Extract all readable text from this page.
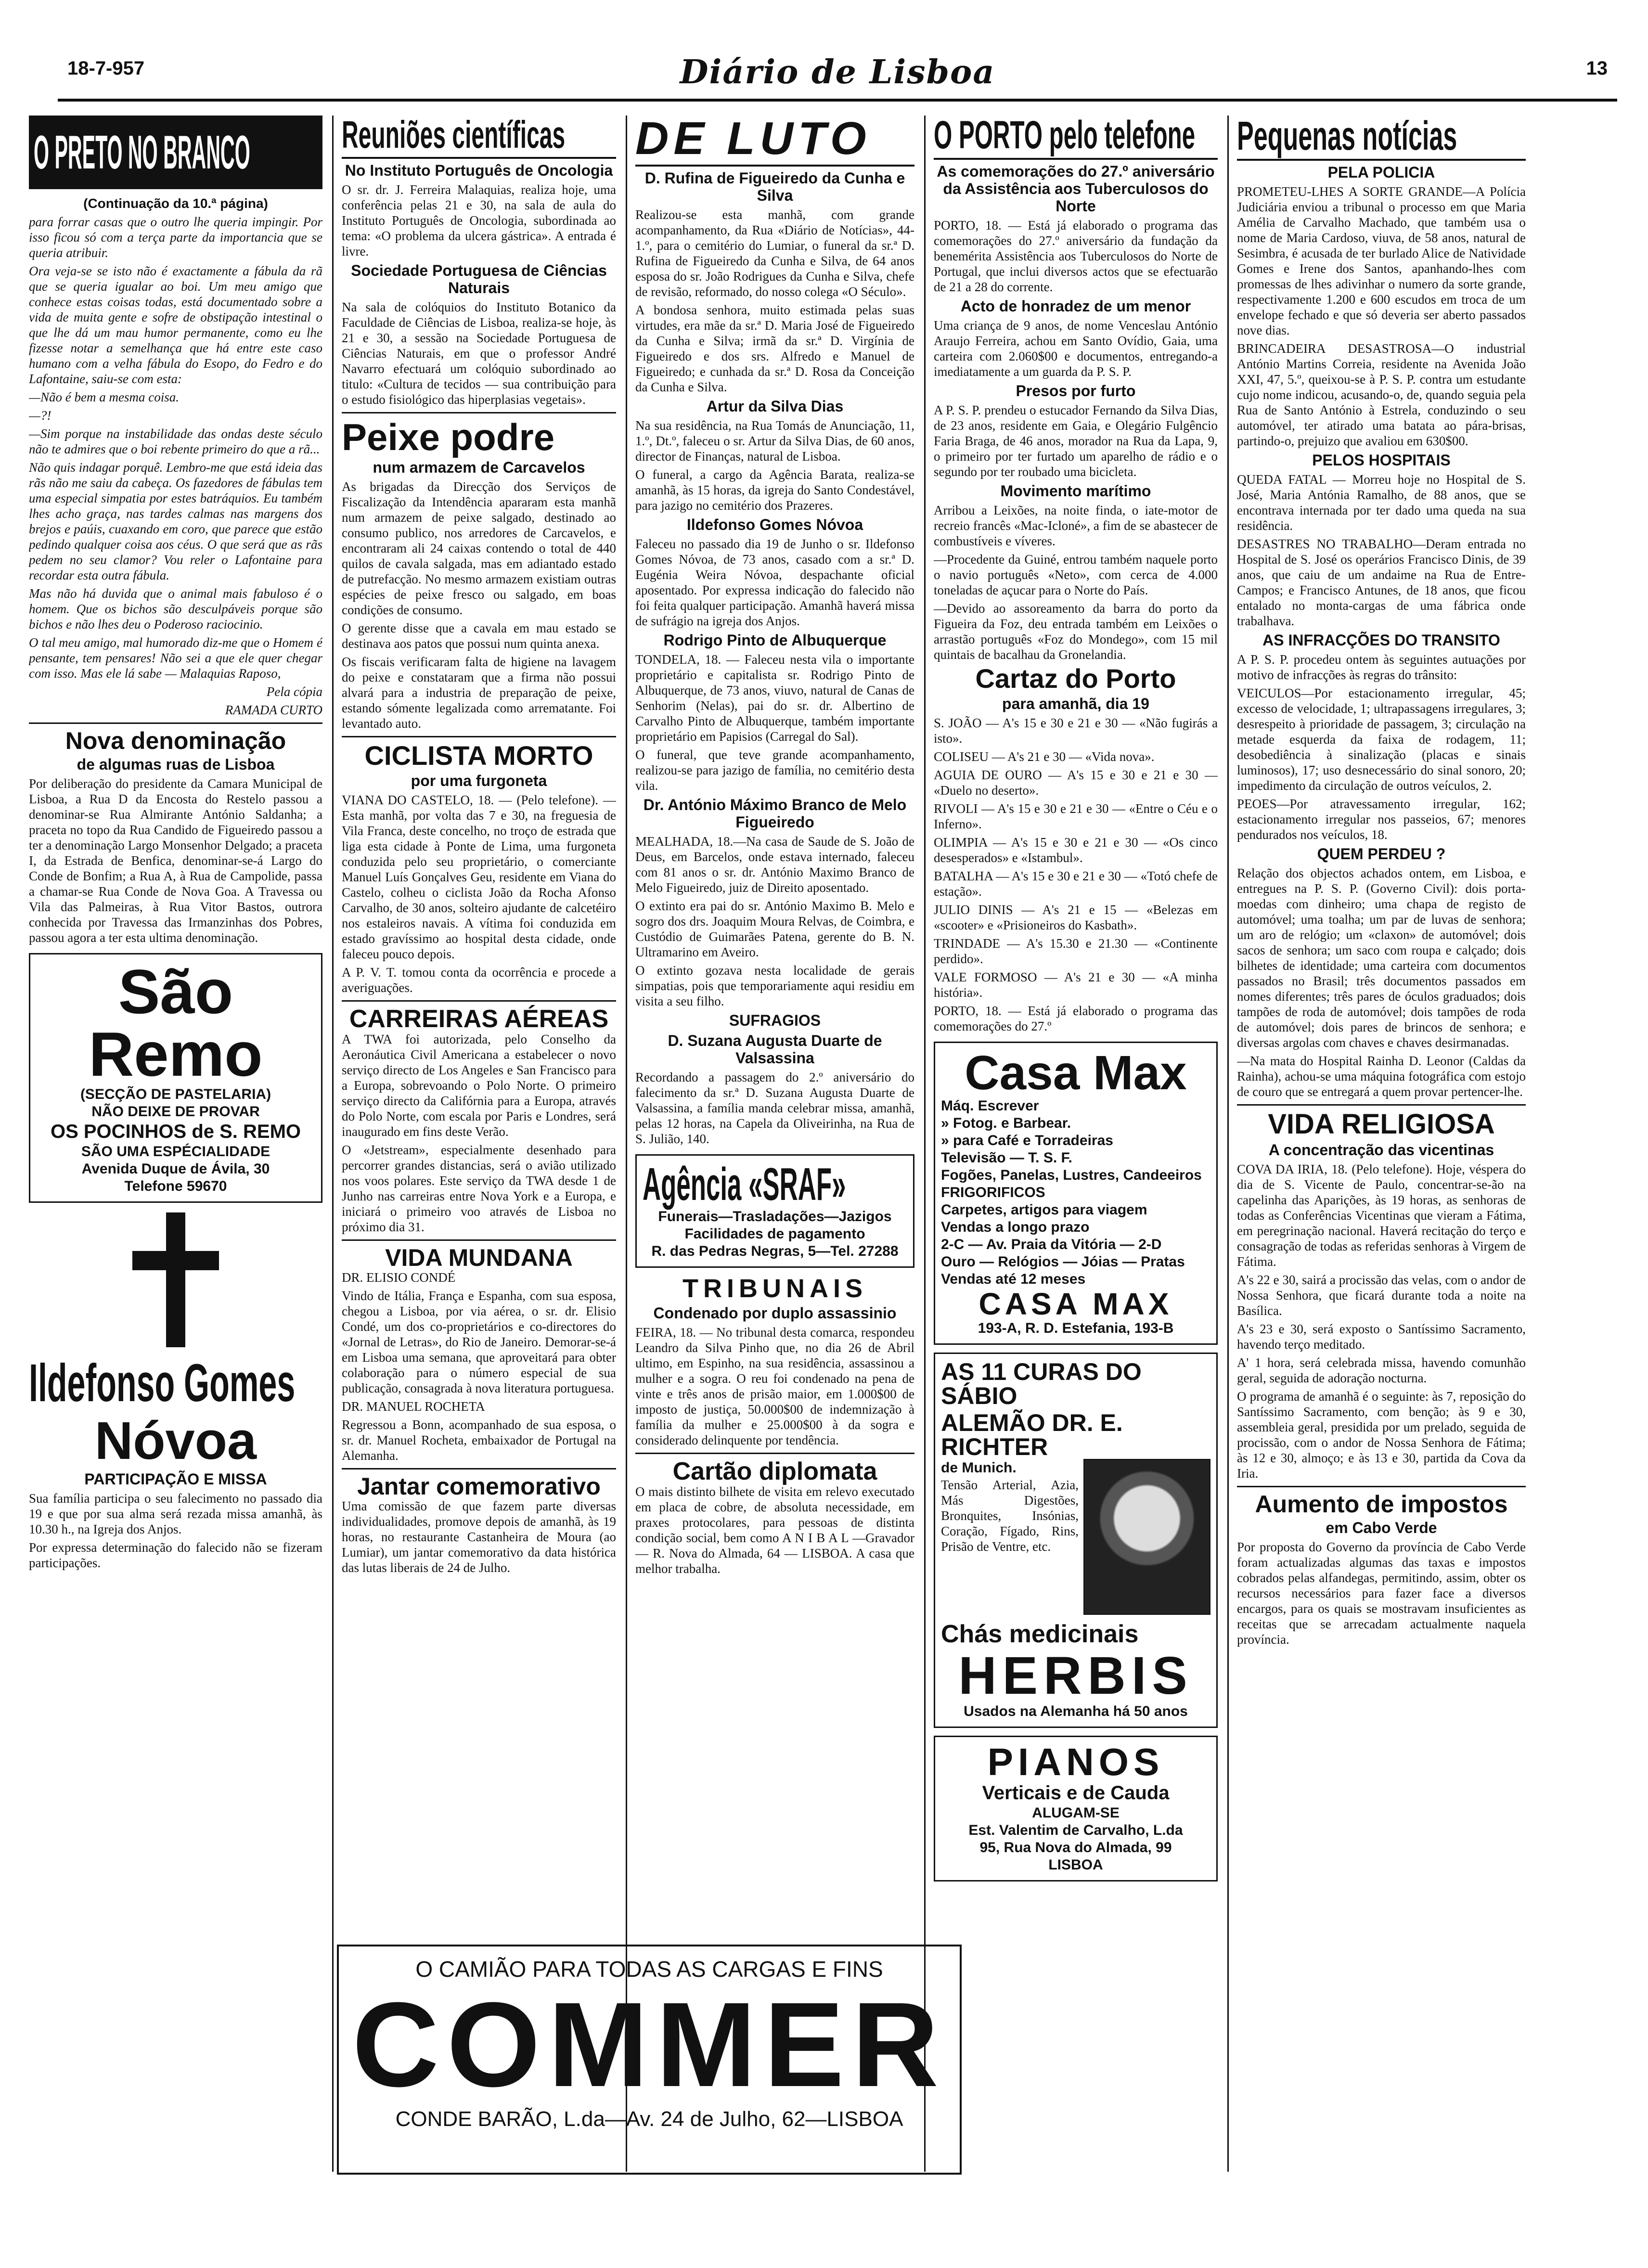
18-7-957	Diário de Lisboa	13
O PRETO NO BRANCO
(Continuação da 10.ª página)

para forrar casas que o outro lhe queria impingir. Por isso ficou só com a terça parte da importancia que se queria atribuir.

Ora veja-se se isto não é exactamente a fábula da rã que se queria igualar ao boi. Um meu amigo que conhece estas coisas todas, está documentado sobre a vida de muita gente e sofre de obstipação intestinal o que lhe dá um mau humor permanente, como eu lhe fizesse notar a semelhança que há entre este caso humano com a velha fábula do Esopo, do Fedro e do Lafontaine, saiu-se com esta:

—Não é bem a mesma coisa.

—?!

—Sim porque na instabilidade das ondas deste século não te admires que o boi rebente primeiro do que a rã...

Não quis indagar porquê. Lembro-me que está ideia das rãs não me saiu da cabeça. Os fazedores de fábulas tem uma especial simpatia por estes batráquios. Eu também lhes acho graça, nas tardes calmas nas margens dos brejos e paúis, cuaxando em coro, que parece que estão pedindo qualquer coisa aos céus. O que será que as rãs pedem no seu clamor? Vou reler o Lafontaine para recordar esta outra fábula.

Mas não há duvida que o animal mais fabuloso é o homem. Que os bichos são desculpáveis porque são bichos e não lhes deu o Poderoso raciocinio.

O tal meu amigo, mal humorado diz-me que o Homem é pensante, tem pensares! Não sei a que ele quer chegar com isso. Mas ele lá sabe — Malaquias Raposo,

Pela cópia

RAMADA CURTO

Nova denominação
de algumas ruas de Lisboa

Por deliberação do presidente da Camara Municipal de Lisboa, a Rua D da Encosta do Restelo passou a denominar-se Rua Almirante António Saldanha; a praceta no topo da Rua Candido de Figueiredo passou a ter a denominação Largo Monsenhor Delgado; a praceta I, da Estrada de Benfica, denominar-se-á Largo do Conde de Bonfim; a Rua A, à Rua de Campolide, passa a chamar-se Rua Conde de Nova Goa. A Travessa ou Vila das Palmeiras, à Rua Vitor Bastos, outrora conhecida por Travessa das Irmanzinhas dos Pobres, passou agora a ter esta ultima denominação.

São Remo
(SECÇÃO DE PASTELARIA)
NÃO DEIXE DE PROVAR
OS POCINHOS de S. REMO
SÃO UMA ESPÉCIALIDADE
Avenida Duque de Ávila, 30
Telefone 59670
Ildefonso Gomes
Nóvoa
PARTICIPAÇÃO E MISSA

Sua família participa o seu falecimento no passado dia 19 e que por sua alma será rezada missa amanhã, às 10.30 h., na Igreja dos Anjos.

Por expressa determinação do falecido não se fizeram participações.

Reuniões científicas
No Instituto Português de Oncologia

O sr. dr. J. Ferreira Malaquias, realiza hoje, uma conferência pelas 21 e 30, na sala de aula do Instituto Português de Oncologia, subordinada ao tema: «O problema da ulcera gástrica». A entrada é livre.

Sociedade Portuguesa de Ciências Naturais

Na sala de colóquios do Instituto Botanico da Faculdade de Ciências de Lisboa, realiza-se hoje, às 21 e 30, a sessão na Sociedade Portuguesa de Ciências Naturais, em que o professor André Navarro efectuará um colóquio subordinado ao titulo: «Cultura de tecidos — sua contribuição para o estudo fisiológico das hiperplasias vegetais».

Peixe podre
num armazem de Carcavelos

As brigadas da Direcção dos Serviços de Fiscalização da Intendência apararam esta manhã num armazem de peixe salgado, destinado ao consumo publico, nos arredores de Carcavelos, e encontraram ali 24 caixas contendo o total de 440 quilos de cavala salgada, mas em adiantado estado de putrefacção. No mesmo armazem existiam outras espécies de peixe fresco ou salgado, em boas condições de consumo.

O gerente disse que a cavala em mau estado se destinava aos patos que possui num quinta anexa.

Os fiscais verificaram falta de higiene na lavagem do peixe e constataram que a firma não possui alvará para a industria de preparação de peixe, estando sómente legalizada como arrematante. Foi levantado auto.

CICLISTA MORTO
por uma furgoneta

VIANA DO CASTELO, 18. — (Pelo telefone). — Esta manhã, por volta das 7 e 30, na freguesia de Vila Franca, deste concelho, no troço de estrada que liga esta cidade à Ponte de Lima, uma furgoneta conduzida pelo seu proprietário, o comerciante Manuel Luís Gonçalves Geu, residente em Viana do Castelo, colheu o ciclista João da Rocha Afonso Carvalho, de 30 anos, solteiro ajudante de calcetéiro nos estaleiros navais. A vítima foi conduzida em estado gravíssimo ao hospital desta cidade, onde faleceu pouco depois.

A P. V. T. tomou conta da ocorrência e procede a averiguações.

CARREIRAS AÉREAS

A TWA foi autorizada, pelo Conselho da Aeronáutica Civil Americana a estabelecer o novo serviço directo de Los Angeles e San Francisco para a Europa, sobrevoando o Polo Norte. O primeiro serviço directo da Califórnia para a Europa, através do Polo Norte, com escala por Paris e Londres, será inaugurado em fins deste Verão.

O «Jetstream», especialmente desenhado para percorrer grandes distancias, será o avião utilizado nos voos polares. Este serviço da TWA desde 1 de Junho nas carreiras entre Nova York e a Europa, e iniciará o primeiro voo através de Lisboa no próximo dia 31.

VIDA MUNDANA

DR. ELISIO CONDÉ

Vindo de Itália, França e Espanha, com sua esposa, chegou a Lisboa, por via aérea, o sr. dr. Elisio Condé, um dos co-proprietários e co-directores do «Jornal de Letras», do Rio de Janeiro. Demorar-se-á em Lisboa uma semana, que aproveitará para obter colaboração para o número especial de sua publicação, consagrada à nova literatura portuguesa.

DR. MANUEL ROCHETA

Regressou a Bonn, acompanhado de sua esposa, o sr. dr. Manuel Rocheta, embaixador de Portugal na Alemanha.

Jantar comemorativo

Uma comissão de que fazem parte diversas individualidades, promove depois de amanhã, às 19 horas, no restaurante Castanheira de Moura (ao Lumiar), um jantar comemorativo da data histórica das lutas liberais de 24 de Julho.

DE LUTO
D. Rufina de Figueiredo da Cunha e Silva

Realizou-se esta manhã, com grande acompanhamento, da Rua «Diário de Notícias», 44-1.º, para o cemitério do Lumiar, o funeral da sr.ª D. Rufina de Figueiredo da Cunha e Silva, de 64 anos esposa do sr. João Rodrigues da Cunha e Silva, chefe de revisão, reformado, do nosso colega «O Século».

A bondosa senhora, muito estimada pelas suas virtudes, era mãe da sr.ª D. Maria José de Figueiredo da Cunha e Silva; irmã da sr.ª D. Virgínia de Figueiredo e dos srs. Alfredo e Manuel de Figueiredo; e cunhada da sr.ª D. Rosa da Conceição da Cunha e Silva.

Artur da Silva Dias

Na sua residência, na Rua Tomás de Anunciação, 11, 1.º, Dt.º, faleceu o sr. Artur da Silva Dias, de 60 anos, director de Finanças, natural de Lisboa.

O funeral, a cargo da Agência Barata, realiza-se amanhã, às 15 horas, da igreja do Santo Condestável, para jazigo no cemitério dos Prazeres.

Ildefonso Gomes Nóvoa

Faleceu no passado dia 19 de Junho o sr. Ildefonso Gomes Nóvoa, de 73 anos, casado com a sr.ª D. Eugénia Weira Nóvoa, despachante oficial aposentado. Por expressa indicação do falecido não foi feita qualquer participação. Amanhã haverá missa de sufrágio na igreja dos Anjos.

Rodrigo Pinto de Albuquerque

TONDELA, 18. — Faleceu nesta vila o importante proprietário e capitalista sr. Rodrigo Pinto de Albuquerque, de 73 anos, viuvo, natural de Canas de Senhorim (Nelas), pai do sr. dr. Albertino de Carvalho Pinto de Albuquerque, também importante proprietário em Papisios (Carregal do Sal).

O funeral, que teve grande acompanhamento, realizou-se para jazigo de família, no cemitério desta vila.

Dr. António Máximo Branco de Melo Figueiredo

MEALHADA, 18.—Na casa de Saude de S. João de Deus, em Barcelos, onde estava internado, faleceu com 81 anos o sr. dr. António Maximo Branco de Melo Figueiredo, juiz de Direito aposentado.

O extinto era pai do sr. António Maximo B. Melo e sogro dos drs. Joaquim Moura Relvas, de Coimbra, e Custódio de Guimarães Patena, gerente do B. N. Ultramarino em Aveiro.

O extinto gozava nesta localidade de gerais simpatias, pois que temporariamente aqui residiu em visita a seu filho.

SUFRAGIOS
D. Suzana Augusta Duarte de Valsassina

Recordando a passagem do 2.º aniversário do falecimento da sr.ª D. Suzana Augusta Duarte de Valsassina, a família manda celebrar missa, amanhã, pelas 12 horas, na Capela da Oliveirinha, na Rua de S. Julião, 140.

Agência «SRAF»
Funerais—Trasladações—Jazigos
Facilidades de pagamento
R. das Pedras Negras, 5—Tel. 27288
TRIBUNAIS
Condenado por duplo assassinio

FEIRA, 18. — No tribunal desta comarca, respondeu Leandro da Silva Pinho que, no dia 26 de Abril ultimo, em Espinho, na sua residência, assassinou a mulher e a sogra. O reu foi condenado na pena de vinte e três anos de prisão maior, em 1.000$00 de imposto de justiça, 50.000$00 de indemnização à família da mulher e 25.000$00 à da sogra e considerado delinquente por tendência.

Cartão diplomata

O mais distinto bilhete de visita em relevo executado em placa de cobre, de absoluta necessidade, em praxes protocolares, para pessoas de distinta condição social, bem como A N I B A L —Gravador — R. Nova do Almada, 64 — LISBOA. A casa que melhor trabalha.

O PORTO pelo telefone
As comemorações do 27.º aniversário da Assistência aos Tuberculosos do Norte

PORTO, 18. — Está já elaborado o programa das comemorações do 27.º aniversário da fundação da benemérita Assistência aos Tuberculosos do Norte de Portugal, que inclui diversos actos que se efectuarão de 21 a 28 do corrente.

Acto de honradez de um menor

Uma criança de 9 anos, de nome Venceslau António Araujo Ferreira, achou em Santo Ovídio, Gaia, uma carteira com 2.060$00 e documentos, entregando-a imediatamente a um guarda da P. S. P.

Presos por furto

A P. S. P. prendeu o estucador Fernando da Silva Dias, de 23 anos, residente em Gaia, e Olegário Fulgêncio Faria Braga, de 46 anos, morador na Rua da Lapa, 9, o primeiro por ter furtado um aparelho de rádio e o segundo por ter roubado uma bicicleta.

Movimento marítimo

Arribou a Leixões, na noite finda, o iate-motor de recreio francês «Mac-Icloné», a fim de se abastecer de combustíveis e víveres.

—Procedente da Guiné, entrou também naquele porto o navio português «Neto», com cerca de 4.000 toneladas de açucar para o Norte do País.

—Devido ao assoreamento da barra do porto da Figueira da Foz, deu entrada também em Leixões o arrastão português «Foz do Mondego», com 15 mil quintais de bacalhau da Gronelandia.

Cartaz do Porto
para amanhã, dia 19

S. JOÃO — A's 15 e 30 e 21 e 30 — «Não fugirás a isto».

COLISEU — A's 21 e 30 — «Vida nova».

AGUIA DE OURO — A's 15 e 30 e 21 e 30 — «Duelo no deserto».

RIVOLI — A's 15 e 30 e 21 e 30 — «Entre o Céu e o Inferno».

OLIMPIA — A's 15 e 30 e 21 e 30 — «Os cinco desesperados» e «Istambul».

BATALHA — A's 15 e 30 e 21 e 30 — «Totó chefe de estação».

JULIO DINIS — A's 21 e 15 — «Belezas em «scooter» e «Prisioneiros do Kasbath».

TRINDADE — A's 15.30 e 21.30 — «Continente perdido».

VALE FORMOSO — A's 21 e 30 — «A minha história».

PORTO, 18. — Está já elaborado o programa das comemorações do 27.º

Casa Max
Máq. Escrever
» Fotog. e Barbear.
» para Café e Torradeiras
Televisão — T. S. F.
Fogões, Panelas, Lustres, Candeeiros
FRIGORIFICOS
Carpetes, artigos para viagem
Vendas a longo prazo
2-C — Av. Praia da Vitória — 2-D
Ouro — Relógios — Jóias — Pratas
Vendas até 12 meses
CASA MAX
193-A, R. D. Estefania, 193-B
AS 11 CURAS DO SÁBIO
ALEMÃO DR. E. RICHTER
de Munich.

Tensão Arterial, Azia, Más Digestões, Bronquites, Insónias, Coração, Fígado, Rins, Prisão de Ventre, etc.

Chás medicinais
HERBIS
Usados na Alemanha há 50 anos
PIANOS
Verticais e de Cauda
ALUGAM-SE
Est. Valentim de Carvalho, L.da
95, Rua Nova do Almada, 99
LISBOA
Pequenas notícias
PELA POLICIA

PROMETEU-LHES A SORTE GRANDE—A Polícia Judiciária enviou a tribunal o processo em que Maria Amélia de Carvalho Machado, que também usa o nome de Maria Cardoso, viuva, de 58 anos, natural de Sesimbra, é acusada de ter burlado Alice de Natividade Gomes e Irene dos Santos, apanhando-lhes com promessas de lhes adivinhar o numero da sorte grande, respectivamente 1.200 e 600 escudos em troca de um envelope fechado e que só deveria ser aberto passados nove dias.

BRINCADEIRA DESASTROSA—O industrial António Martins Correia, residente na Avenida João XXI, 47, 5.º, queixou-se à P. S. P. contra um estudante cujo nome indicou, acusando-o, de, quando seguia pela Rua de Santo António à Estrela, conduzindo o seu automóvel, ter atirado uma batata ao pára-brisas, partindo-o, prejuizo que avaliou em 630$00.

PELOS HOSPITAIS

QUEDA FATAL — Morreu hoje no Hospital de S. José, Maria Antónia Ramalho, de 88 anos, que se encontrava internada por ter dado uma queda na sua residência.

DESASTRES NO TRABALHO—Deram entrada no Hospital de S. José os operários Francisco Dinis, de 39 anos, que caiu de um andaime na Rua de Entre-Campos; e Francisco Antunes, de 18 anos, que ficou entalado no monta-cargas de uma fábrica onde trabalhava.

AS INFRACÇÕES DO TRANSITO

A P. S. P. procedeu ontem às seguintes autuações por motivo de infracções às regras do trânsito:

VEICULOS—Por estacionamento irregular, 45; excesso de velocidade, 1; ultrapassagens irregulares, 3; desrespeito à prioridade de passagem, 3; circulação na metade esquerda da faixa de rodagem, 11; desobediência à sinalização (placas e sinais luminosos), 17; uso desnecessário do sinal sonoro, 20; impedimento da circulação de outros veículos, 2.

PEOES—Por atravessamento irregular, 162; estacionamento irregular nos passeios, 67; menores pendurados nos veículos, 18.

QUEM PERDEU ?

Relação dos objectos achados ontem, em Lisboa, e entregues na P. S. P. (Governo Civil): dois porta-moedas com dinheiro; uma chapa de registo de automóvel; uma toalha; um par de luvas de senhora; um aro de relógio; um «claxon» de automóvel; dois sacos de senhora; um saco com roupa e calçado; dois bilhetes de identidade; uma carteira com documentos passados no Brasil; três documentos passados em nomes diferentes; três pares de óculos graduados; dois tampões de roda de automóvel; dois tampões de roda de automóvel; dois pares de brincos de senhora; e diversas argolas com chaves e chaves desirmanadas.

—Na mata do Hospital Rainha D. Leonor (Caldas da Rainha), achou-se uma máquina fotográfica com estojo de couro que se entregará a quem provar pertencer-lhe.

VIDA RELIGIOSA
A concentração das vicentinas

COVA DA IRIA, 18. (Pelo telefone). Hoje, véspera do dia de S. Vicente de Paulo, concentrar-se-ão na capelinha das Aparições, às 19 horas, as senhoras de todas as Conferências Vicentinas que vieram a Fátima, em peregrinação nacional. Haverá recitação do terço e consagração de todas as referidas senhoras à Virgem de Fátima.

A's 22 e 30, sairá a procissão das velas, com o andor de Nossa Senhora, que ficará durante toda a noite na Basílica.

A's 23 e 30, será exposto o Santíssimo Sacramento, havendo terço meditado.

A' 1 hora, será celebrada missa, havendo comunhão geral, seguida de adoração nocturna.

O programa de amanhã é o seguinte: às 7, reposição do Santíssimo Sacramento, com benção; às 9 e 30, assembleia geral, presidida por um prelado, seguida de procissão, com o andor de Nossa Senhora de Fátima; às 12 e 30, almoço; e às 13 e 30, partida da Cova da Iria.

Aumento de impostos
em Cabo Verde

Por proposta do Governo da província de Cabo Verde foram actualizadas algumas das taxas e impostos cobrados pelas alfandegas, permitindo, assim, obter os recursos necessários para fazer face a diversos encargos, para os quais se mostravam insuficientes as receitas que se arrecadam actualmente naquela província.

O CAMIÃO PARA TODAS AS CARGAS E FINS
COMMER
CONDE BARÃO, L.da—Av. 24 de Julho, 62—LISBOA
